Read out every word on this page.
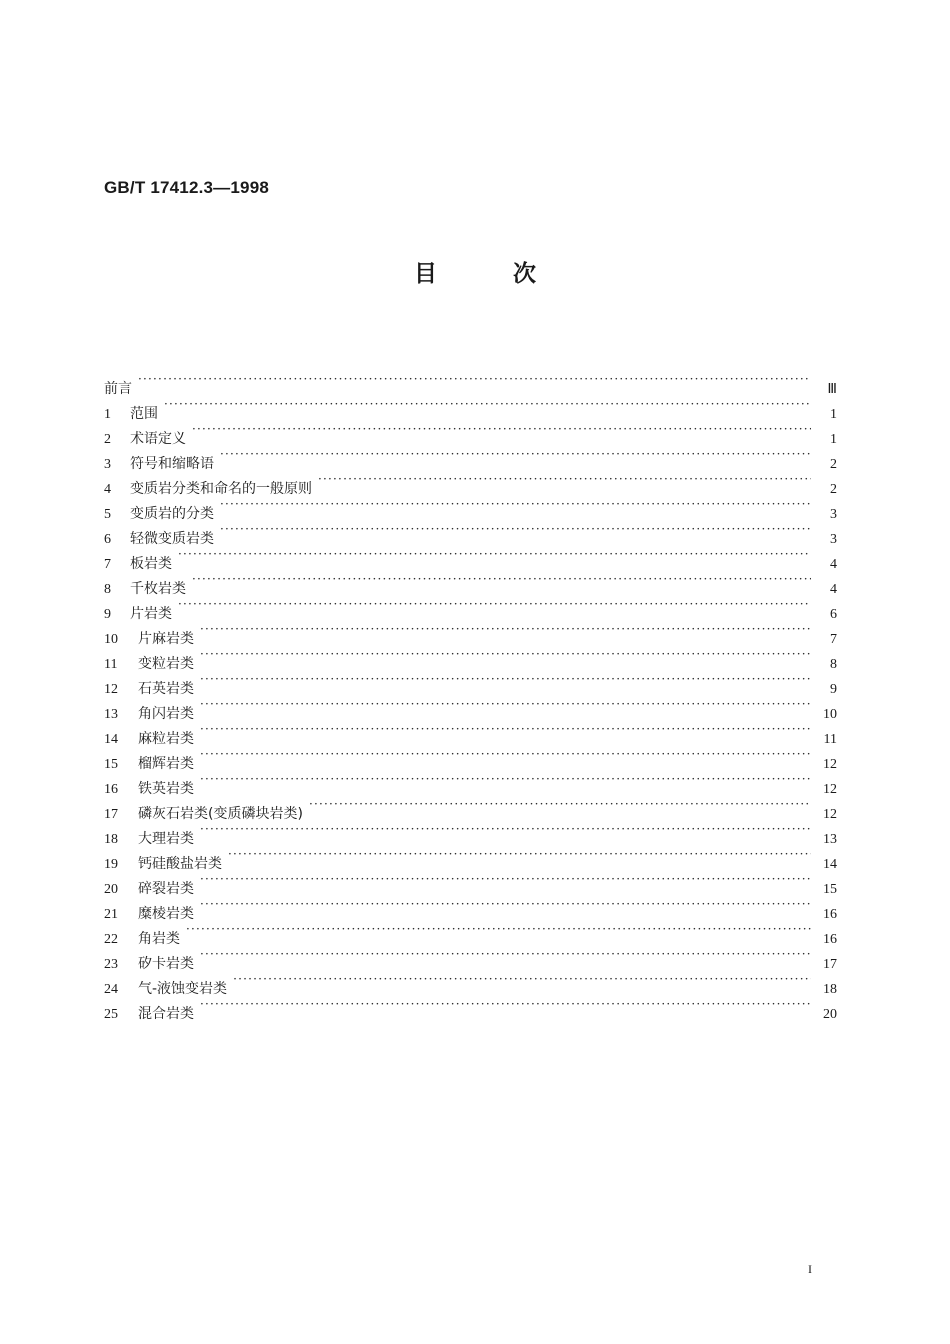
GB/T 17412.3—1998
目次
前言 ·····	Ⅲ
1	范围 ·····	1
2	术语定义 ·····	1
3	符号和缩略语 ·····	2
4	变质岩分类和命名的一般原则 ·····	2
5	变质岩的分类 ·····	3
6	轻微变质岩类 ·····	3
7	板岩类 ·····	4
8	千枚岩类 ·····	4
9	片岩类 ·····	6
10	片麻岩类 ·····	7
11	变粒岩类 ·····	8
12	石英岩类 ·····	9
13	角闪岩类 ·····	10
14	麻粒岩类 ·····	11
15	榴辉岩类 ·····	12
16	铁英岩类 ·····	12
17	磷灰石岩类(变质磷块岩类) ·····	12
18	大理岩类 ·····	13
19	钙硅酸盐岩类 ·····	14
20	碎裂岩类 ·····	15
21	糜棱岩类 ·····	16
22	角岩类 ·····	16
23	矽卡岩类 ·····	17
24	气-液蚀变岩类 ·····	18
25	混合岩类 ·····	20
I
